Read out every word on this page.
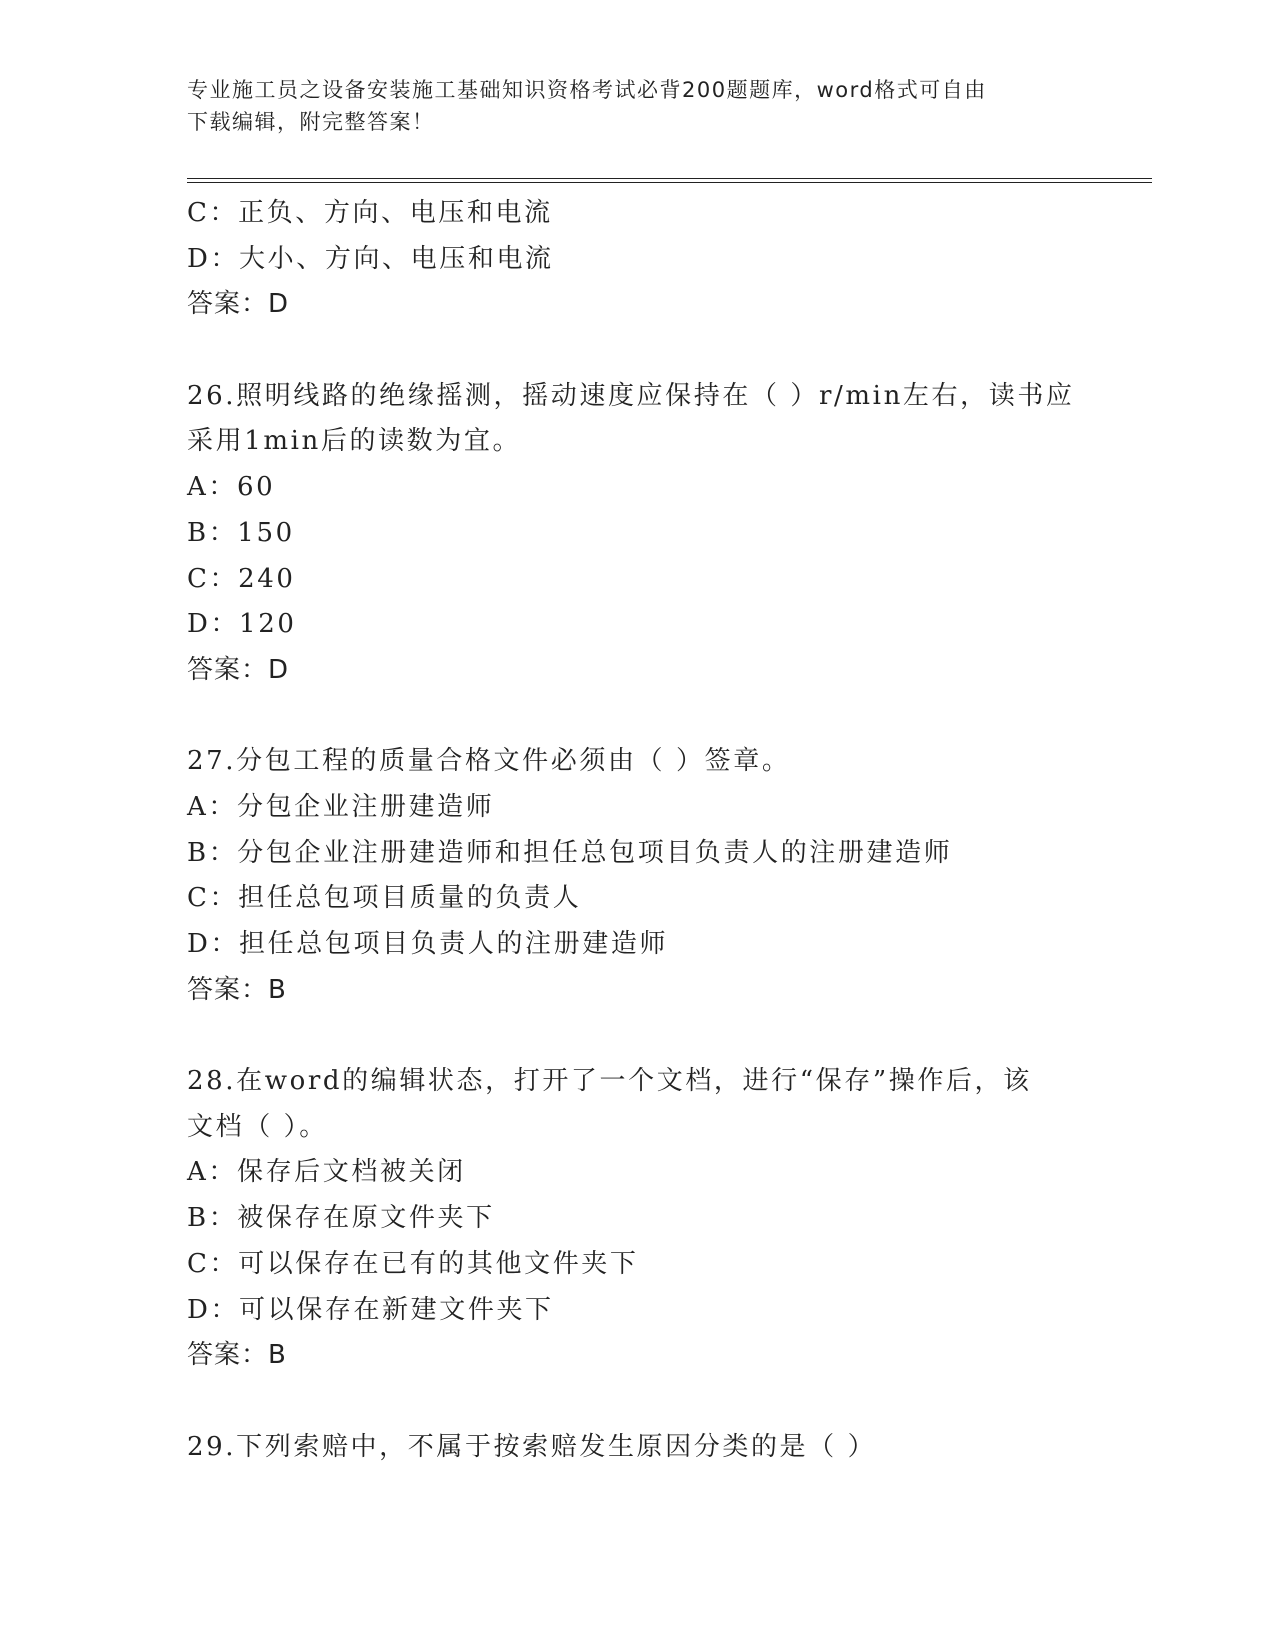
专业施工员之设备安装施工基础知识资格考试必背200题题库，word格式可自由
下载编辑，附完整答案！
C：正负、方向、电压和电流
D：大小、方向、电压和电流
答案：D
26.照明线路的绝缘摇测，摇动速度应保持在（ ）r/min左右，读书应
采用1min后的读数为宜。
A：60
B：150
C：240
D：120
答案：D
27.分包工程的质量合格文件必须由（ ）签章。
A：分包企业注册建造师
B：分包企业注册建造师和担任总包项目负责人的注册建造师
C：担任总包项目质量的负责人
D：担任总包项目负责人的注册建造师
答案：B
28.在word的编辑状态，打开了一个文档，进行“保存”操作后，该
文档（ ）。
A：保存后文档被关闭
B：被保存在原文件夹下
C：可以保存在已有的其他文件夹下
D：可以保存在新建文件夹下
答案：B
29.下列索赔中，不属于按索赔发生原因分类的是（ ）
